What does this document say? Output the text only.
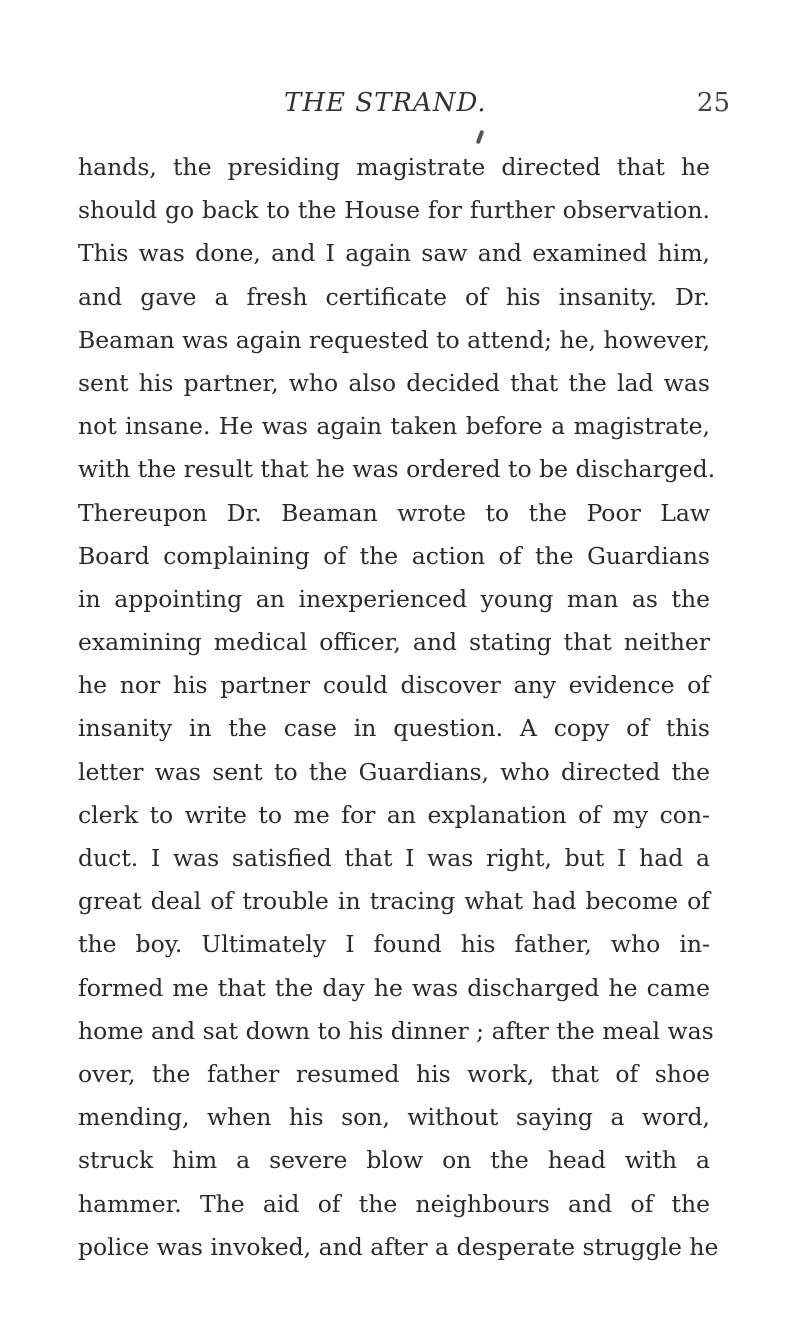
THE STRAND.	25
hands, the presiding magistrate directed that he
should go back to the House for further observation.
This was done, and I again saw and examined him,
and gave a fresh certificate of his insanity. Dr.
Beaman was again requested to attend; he, however,
sent his partner, who also decided that the lad was
not insane. He was again taken before a magistrate,
with the result that he was ordered to be discharged.
Thereupon Dr. Beaman wrote to the Poor Law
Board complaining of the action of the Guardians
in appointing an inexperienced young man as the
examining medical officer, and stating that neither
he nor his partner could discover any evidence of
insanity in the case in question. A copy of this
letter was sent to the Guardians, who directed the
clerk to write to me for an explanation of my con-
duct. I was satisfied that I was right, but I had a
great deal of trouble in tracing what had become of
the boy. Ultimately I found his father, who in-
formed me that the day he was discharged he came
home and sat down to his dinner ; after the meal was
over, the father resumed his work, that of shoe
mending, when his son, without saying a word,
struck him a severe blow on the head with a
hammer. The aid of the neighbours and of the
police was invoked, and after a desperate struggle he
